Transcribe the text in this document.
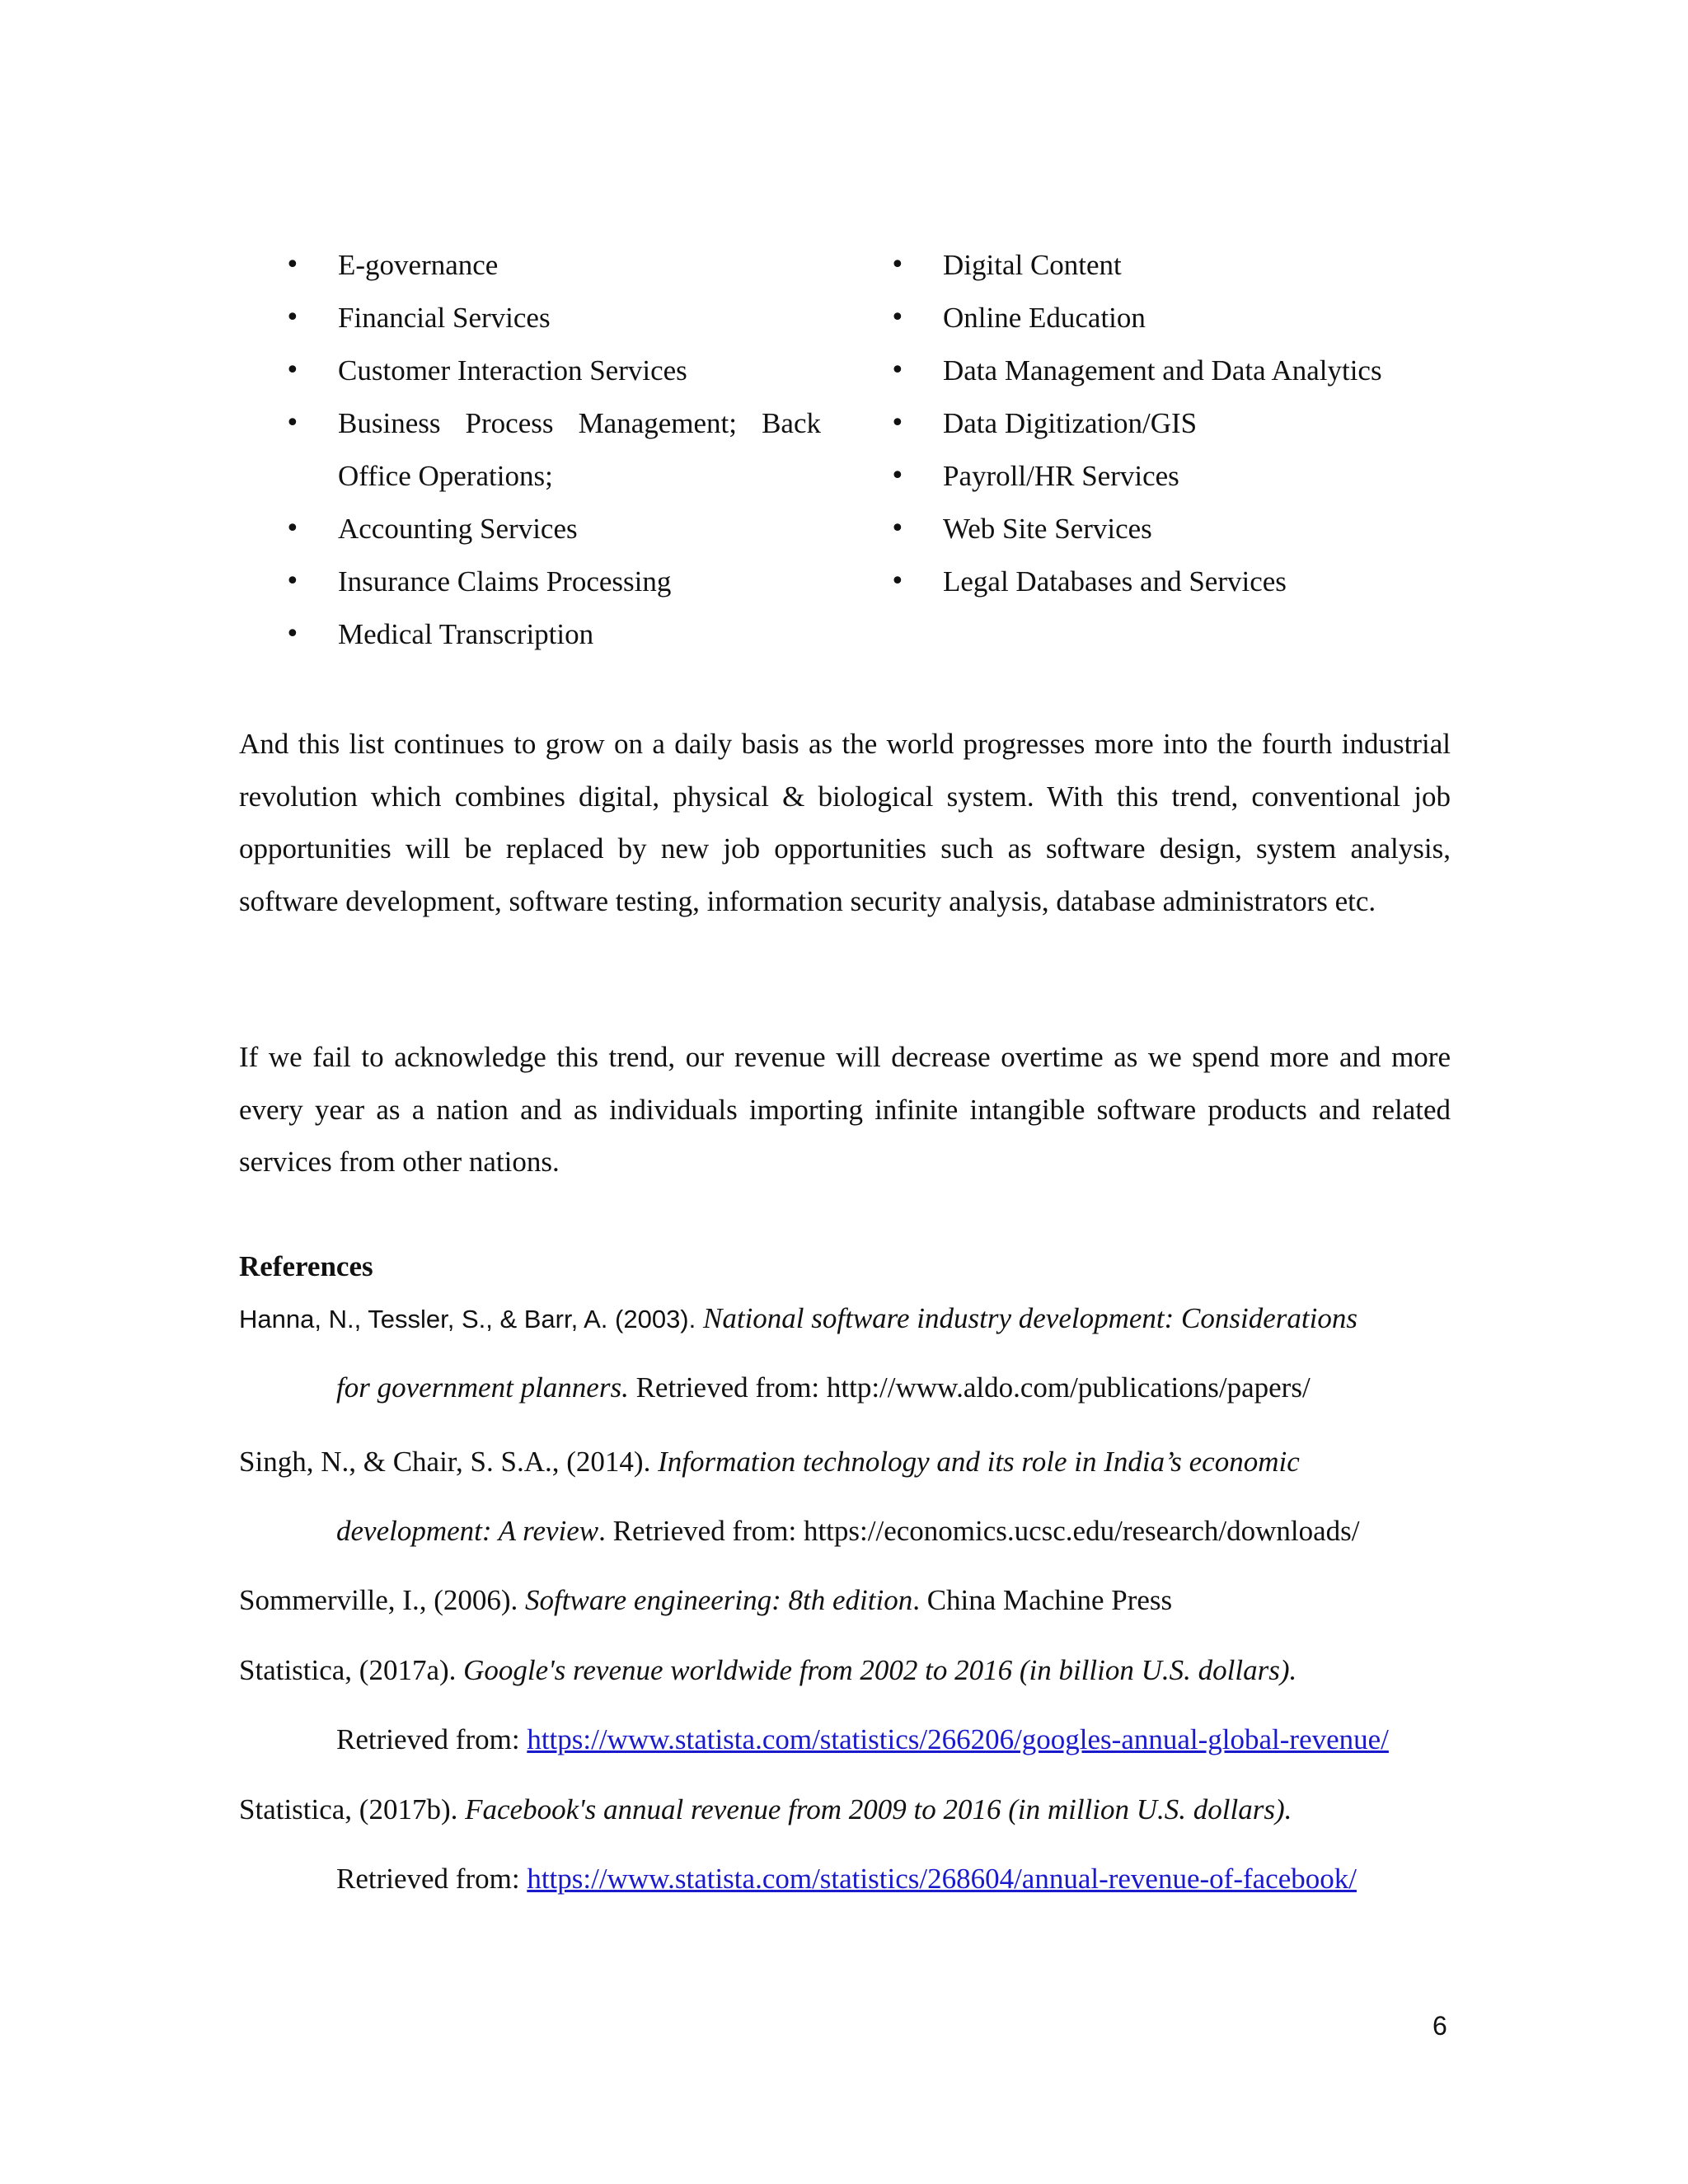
• E-governance
• Financial Services
• Customer Interaction Services
• Business Process Management; Back Office Operations;
• Accounting Services
• Insurance Claims Processing
• Medical Transcription
• Digital Content
• Online Education
• Data Management and Data Analytics
• Data Digitization/GIS
• Payroll/HR Services
• Web Site Services
• Legal Databases and Services

And this list continues to grow on a daily basis as the world progresses more into the fourth industrial revolution which combines digital, physical & biological system. With this trend, conventional job opportunities will be replaced by new job opportunities such as software design, system analysis, software development, software testing, information security analysis, database administrators etc.

If we fail to acknowledge this trend, our revenue will decrease overtime as we spend more and more every year as a nation and as individuals importing infinite intangible software products and related services from other nations.

References
Hanna, N., Tessler, S., & Barr, A. (2003). National software industry development: Considerations
for government planners. Retrieved from: http://www.aldo.com/publications/papers/
Singh, N., & Chair, S. S.A., (2014). Information technology and its role in India’s economic
development: A review. Retrieved from: https://economics.ucsc.edu/research/downloads/
Sommerville, I., (2006). Software engineering: 8th edition. China Machine Press
Statistica, (2017a). Google's revenue worldwide from 2002 to 2016 (in billion U.S. dollars).
Retrieved from: https://www.statista.com/statistics/266206/googles-annual-global-revenue/
Statistica, (2017b). Facebook's annual revenue from 2009 to 2016 (in million U.S. dollars).
Retrieved from: https://www.statista.com/statistics/268604/annual-revenue-of-facebook/
6
